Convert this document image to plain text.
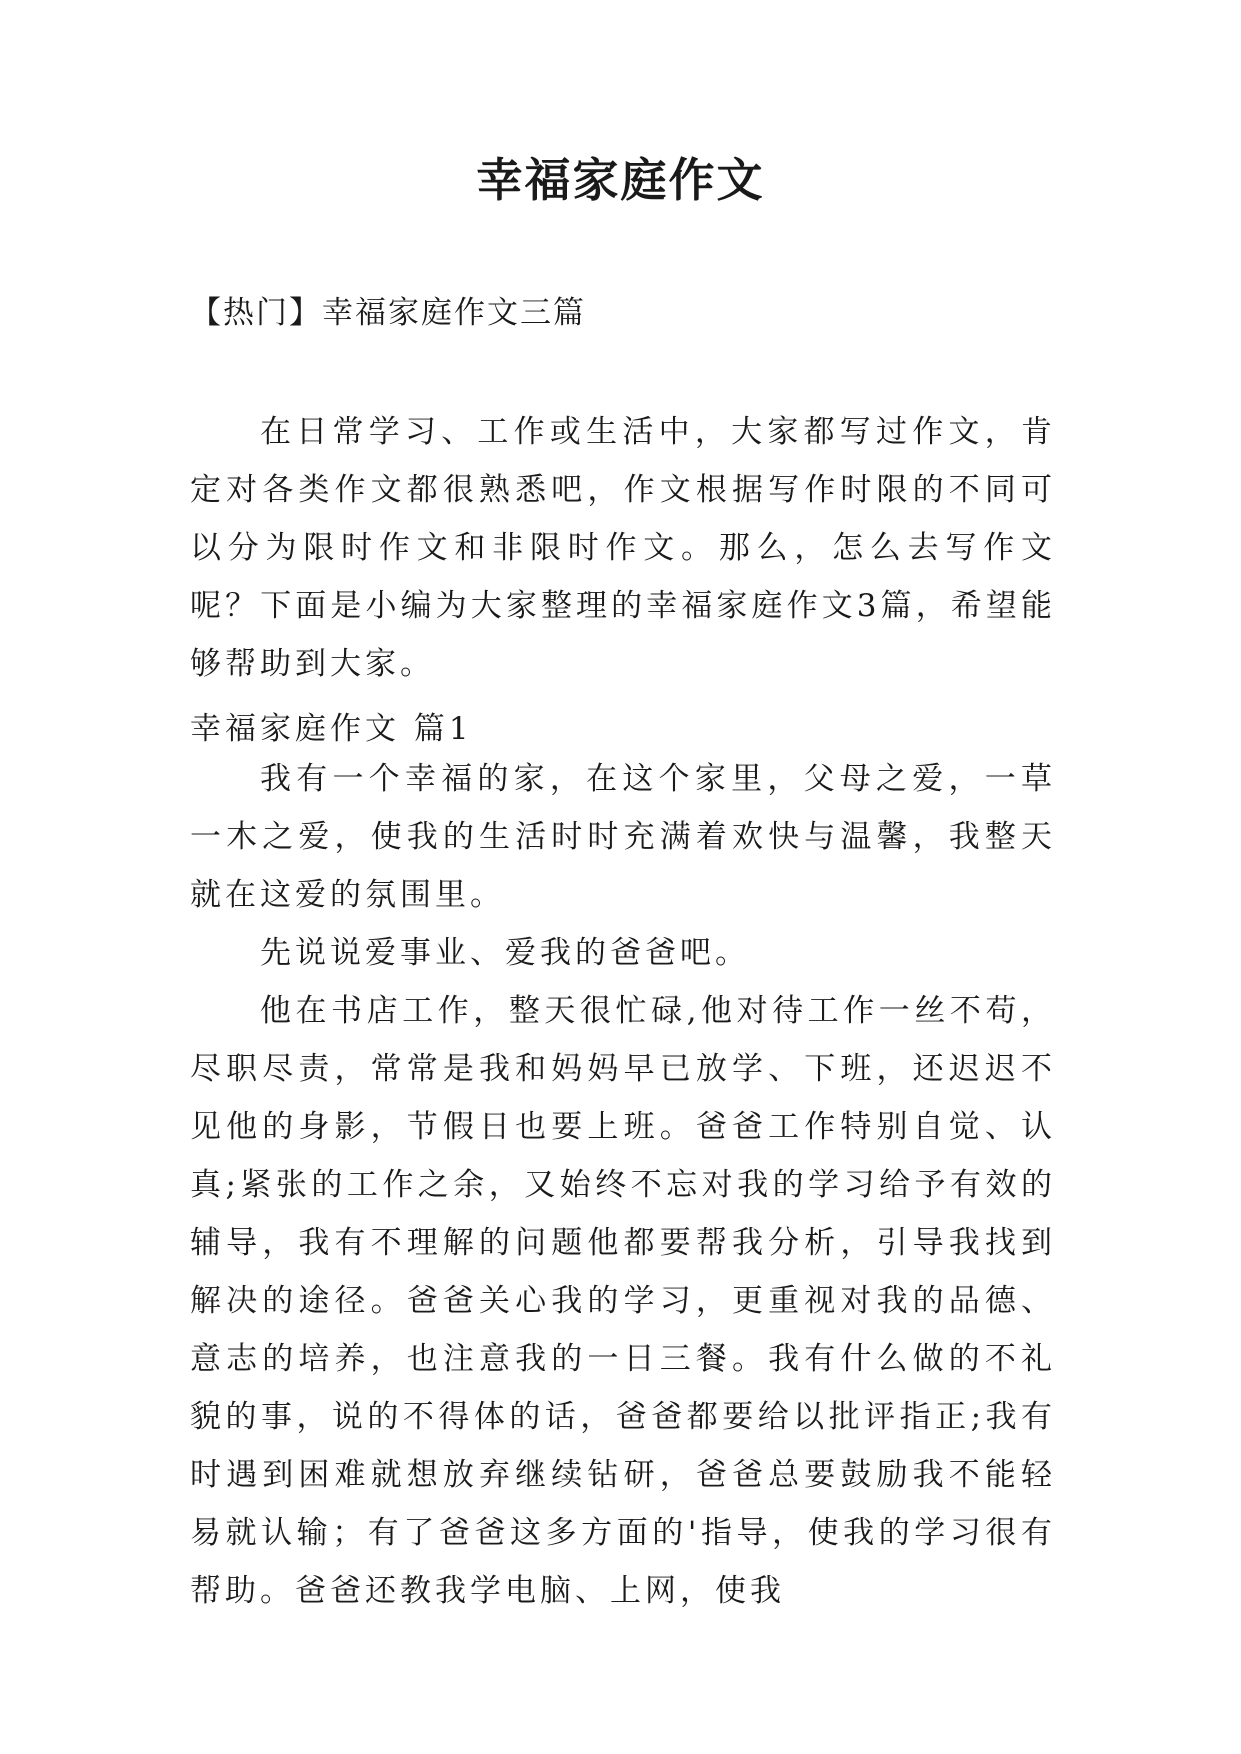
幸福家庭作文

【热门】幸福家庭作文三篇

在日常学习、工作或生活中，大家都写过作文，肯定对各类作文都很熟悉吧，作文根据写作时限的不同可以分为限时作文和非限时作文。那么，怎么去写作文呢？下面是小编为大家整理的幸福家庭作文3篇，希望能够帮助到大家。

幸福家庭作文 篇1

我有一个幸福的家，在这个家里，父母之爱，一草一木之爱，使我的生活时时充满着欢快与温馨，我整天就在这爱的氛围里。

先说说爱事业、爱我的爸爸吧。

他在书店工作，整天很忙碌,他对待工作一丝不苟，尽职尽责，常常是我和妈妈早已放学、下班，还迟迟不见他的身影，节假日也要上班。爸爸工作特别自觉、认真;紧张的工作之余，又始终不忘对我的学习给予有效的辅导，我有不理解的问题他都要帮我分析，引导我找到解决的途径。爸爸关心我的学习，更重视对我的品德、意志的培养，也注意我的一日三餐。我有什么做的不礼貌的事，说的不得体的话，爸爸都要给以批评指正;我有时遇到困难就想放弃继续钻研，爸爸总要鼓励我不能轻易就认输；有了爸爸这多方面的'指导，使我的学习很有帮助。爸爸还教我学电脑、上网，使我
